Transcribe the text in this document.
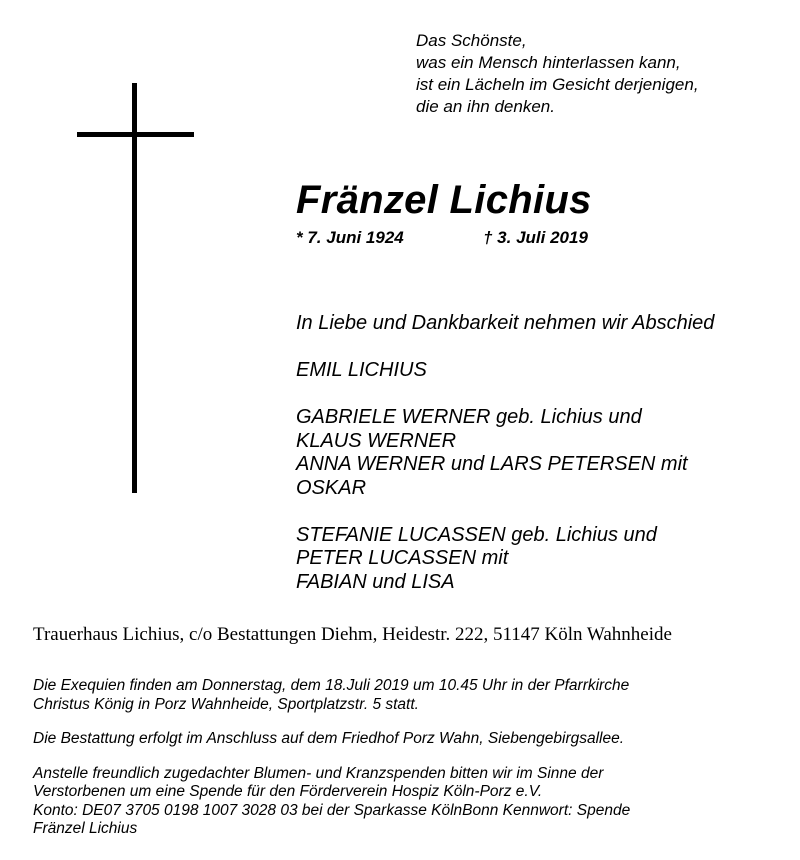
Das Schönste,
was ein Mensch hinterlassen kann,
ist ein Lächeln im Gesicht derjenigen,
die an ihn denken.
Fränzel Lichius
* 7. Juni 1924	† 3. Juli 2019
In Liebe und Dankbarkeit nehmen wir Abschied
EMIL LICHIUS
GABRIELE WERNER geb. Lichius und
KLAUS WERNER
ANNA WERNER und LARS PETERSEN mit
OSKAR
STEFANIE LUCASSEN geb. Lichius und
PETER LUCASSEN mit
FABIAN und LISA
Trauerhaus Lichius, c/o Bestattungen Diehm, Heidestr. 222, 51147 Köln Wahnheide
Die Exequien finden am Donnerstag, dem 18.Juli 2019 um 10.45 Uhr in der Pfarrkirche
Christus König in Porz Wahnheide, Sportplatzstr. 5 statt.
Die Bestattung erfolgt im Anschluss auf dem Friedhof Porz Wahn, Siebengebirgsallee.
Anstelle freundlich zugedachter Blumen- und Kranzspenden bitten wir im Sinne der
Verstorbenen um eine Spende für den Förderverein Hospiz Köln-Porz e.V.
Konto: DE07 3705 0198 1007 3028 03 bei der Sparkasse KölnBonn Kennwort: Spende
Fränzel Lichius
